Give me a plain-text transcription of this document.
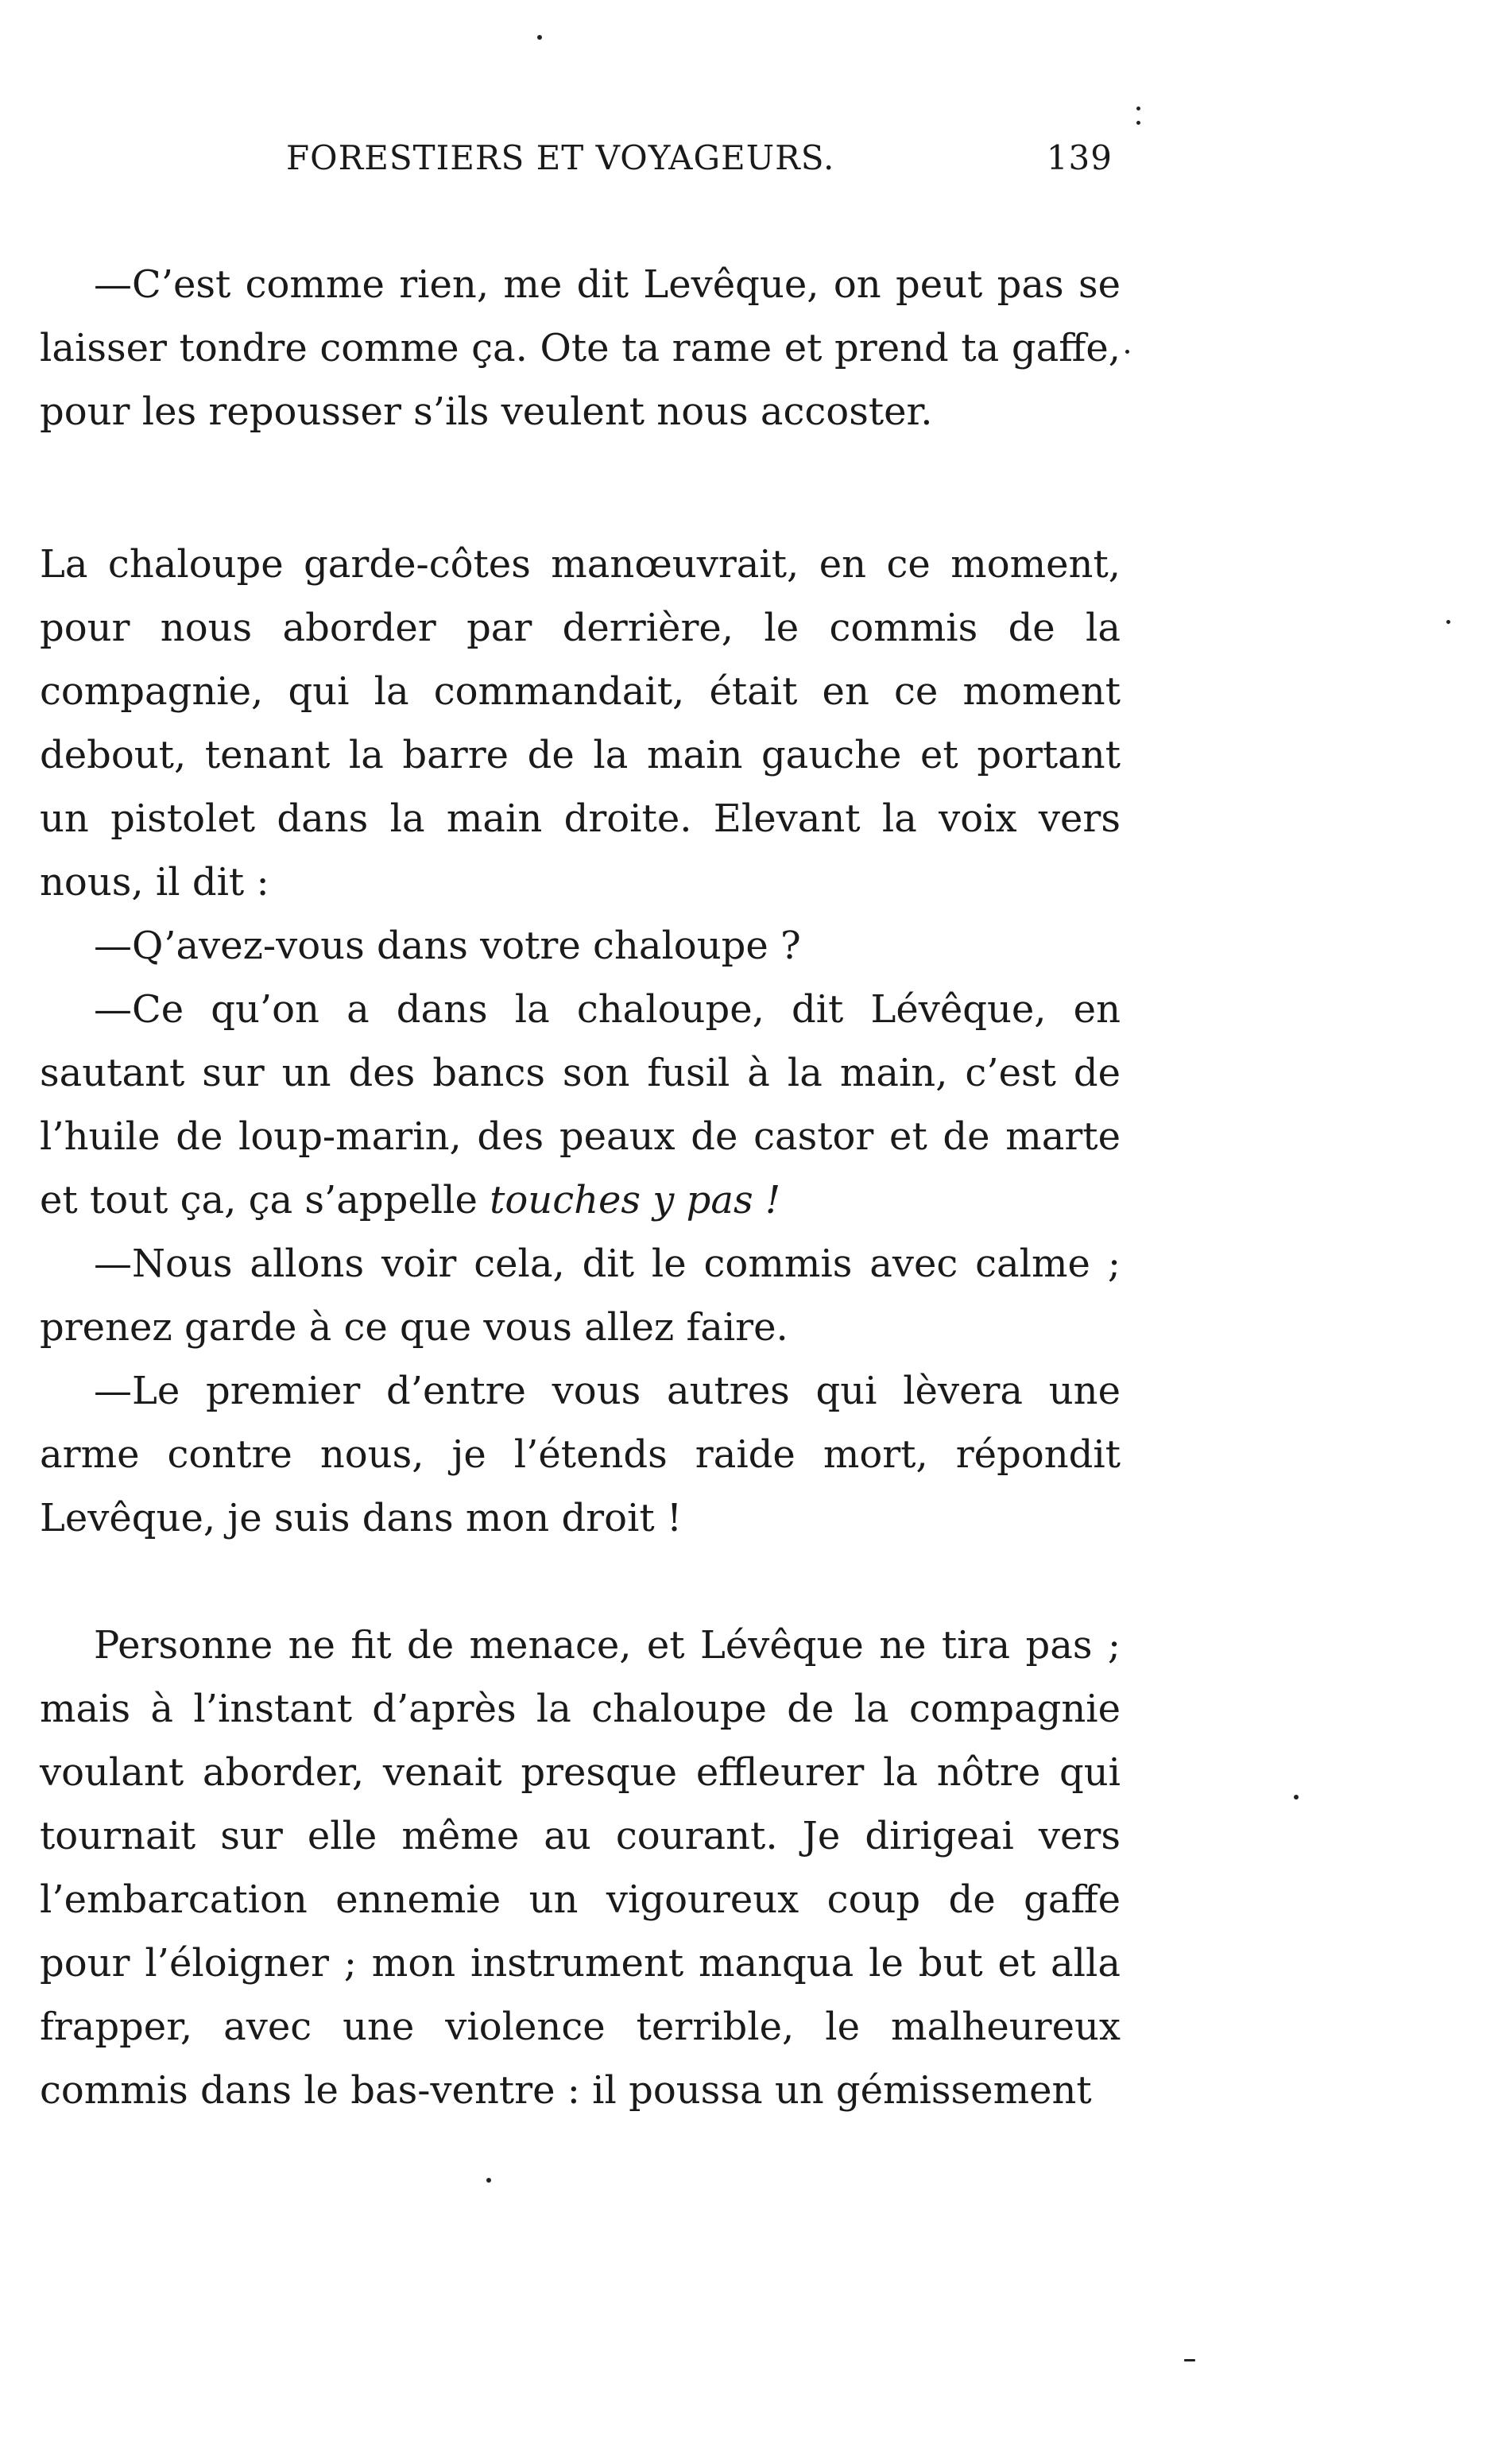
FORESTIERS ET VOYAGEURS.	139

—C’est comme rien, me dit Levêque, on peut pas se laisser tondre comme ça. Ote ta rame et prend ta gaffe, pour les repousser s’ils veulent nous accoster.

La chaloupe garde-côtes manœuvrait, en ce moment, pour nous aborder par derrière, le commis de la compagnie, qui la commandait, était en ce moment debout, tenant la barre de la main gauche et portant un pistolet dans la main droite. Elevant la voix vers nous, il dit :

—Q’avez-vous dans votre chaloupe ?

—Ce qu’on a dans la chaloupe, dit Lévêque, en sautant sur un des bancs son fusil à la main, c’est de l’huile de loup-marin, des peaux de castor et de marte et tout ça, ça s’appelle touches y pas !

—Nous allons voir cela, dit le commis avec calme ; prenez garde à ce que vous allez faire.

—Le premier d’entre vous autres qui lèvera une arme contre nous, je l’étends raide mort, répondit Levêque, je suis dans mon droit !

Personne ne fit de menace, et Lévêque ne tira pas ; mais à l’instant d’après la chaloupe de la compagnie voulant aborder, venait presque effleurer la nôtre qui tournait sur elle même au courant. Je dirigeai vers l’embarcation ennemie un vigoureux coup de gaffe pour l’éloigner ; mon instrument manqua le but et alla frapper, avec une violence terrible, le malheureux commis dans le bas-ventre : il poussa un gémissement
